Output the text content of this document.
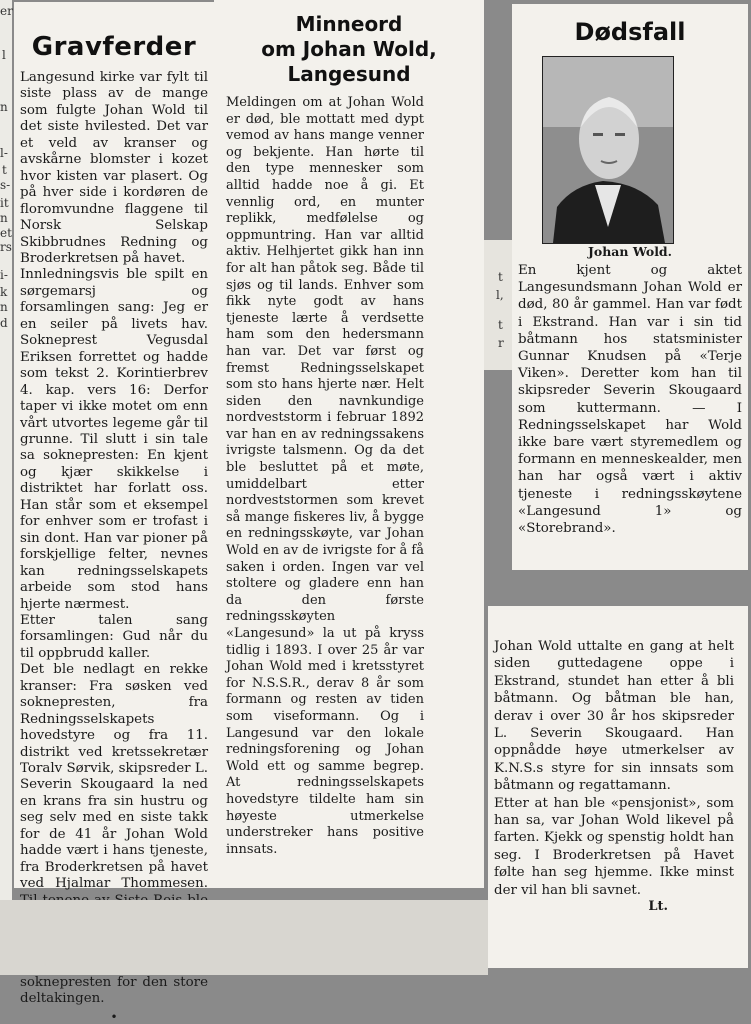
er
l
n
l-
t
s-
it
n
et
rs
i-
k
n
d
Gravferder

Langesund kirke var fylt til siste plass av de mange som fulgte Johan Wold til det siste hvilested. Det var et veld av kranser og avskårne blomster i kozet hvor kisten var plasert. Og på hver side i kordøren de floromvundne flaggene til Norsk Selskap Skibbrudnes Redning og Broderkretsen på havet.
Innledningsvis ble spilt en sørgemarsj og forsamlingen sang: Jeg er en seiler på livets hav. Sokneprest Vegusdal Eriksen forrettet og hadde som tekst 2. Korintierbrev 4. kap. vers 16: Derfor taper vi ikke motet om enn vårt utvortes legeme går til grunne. Til slutt i sin tale sa soknepresten: En kjent og kjær skikkelse i distriktet har forlatt oss. Han står som et eksempel for enhver som er trofast i sin dont. Han var pioner på forskjellige felter, nevnes kan redningsselskapets arbeide som stod hans hjerte nærmest.
Etter talen sang forsamlingen: Gud når du til oppbrudd kaller.
Det ble nedlagt en rekke kranser: Fra søsken ved soknepresten, fra Redningsselskapets hovedstyre og fra 11. distrikt ved kretssekretær Toralv Sørvik, skipsreder L. Severin Skougaard la ned en krans fra sin hustru og seg selv med en siste takk for de 41 år Johan Wold hadde vært i hans tjeneste, fra Broderkretsen på havet ved Hjalmar Thommesen. soknepresten for den store deltakingen.

•
Minneord
om Johan Wold,
Langesund

Meldingen om at Johan Wold er død, ble mottatt med dypt vemod av hans mange venner og bekjente. Han hørte til den type mennesker som alltid hadde noe å gi. Et vennlig ord, en munter replikk, medfølelse og oppmuntring. Han var alltid aktiv. Helhjertet gikk han inn for alt han påtok seg. Både til sjøs og til lands. Enhver som fikk nyte godt av hans tjeneste lærte å verdsette ham som den hedersmann han var. Det var først og fremst Redningsselskapet som sto hans hjerte nær. Helt siden den navnkundige nordveststorm i februar 1892 var han en av redningssakens ivrigste talsmenn. Og da det ble besluttet på et møte, umiddelbart etter nordveststormen som krevet så mange fiskeres liv, å bygge en redningsskøyte, var Johan Wold en av de ivrigste for å få saken i orden. Ingen var vel stoltere og gladere enn han da den første redningsskøyten «Langesund» la ut på kryss tidlig i 1893. I over 25 år var Johan Wold med i kretsstyret for N.S.S.R., derav 8 år som formann og resten av tiden som viseformann. Og i Langesund var den lokale redningsforening og Johan Wold ett og samme begrep. At redningsselskapets hovedstyre tildelte ham sin høyeste utmerkelse understreker hans positive innsats.

t
l,
t
r
Dødsfall
Johan Wold.

En kjent og aktet Langesundsmann Johan Wold er død, 80 år gammel. Han var født i Ekstrand. Han var i sin tid båtmann hos statsminister Gunnar Knudsen på «Terje Viken». Deretter kom han til skipsreder Severin Skougaard som kuttermann. — I Redningsselskapet har Wold ikke bare vært styremedlem og formann en menneskealder, men han har også vært i aktiv tjeneste i redningsskøytene «Langesund 1» og «Storebrand».

Johan Wold uttalte en gang at helt siden guttedagene oppe i Ekstrand, stundet han etter å bli båtmann. Og båtman ble han, derav i over 30 år hos skipsreder L. Severin Skougaard. Han oppnådde høye utmerkelser av K.N.S.s styre for sin innsats som båtmann og regattamann.
Etter at han ble «pensjonist», som han sa, var Johan Wold likevel på farten. Kjekk og spenstig holdt han seg. I Broderkretsen på Havet følte han seg hjemme. Ikke minst der vil han bli savnet.

Lt.
